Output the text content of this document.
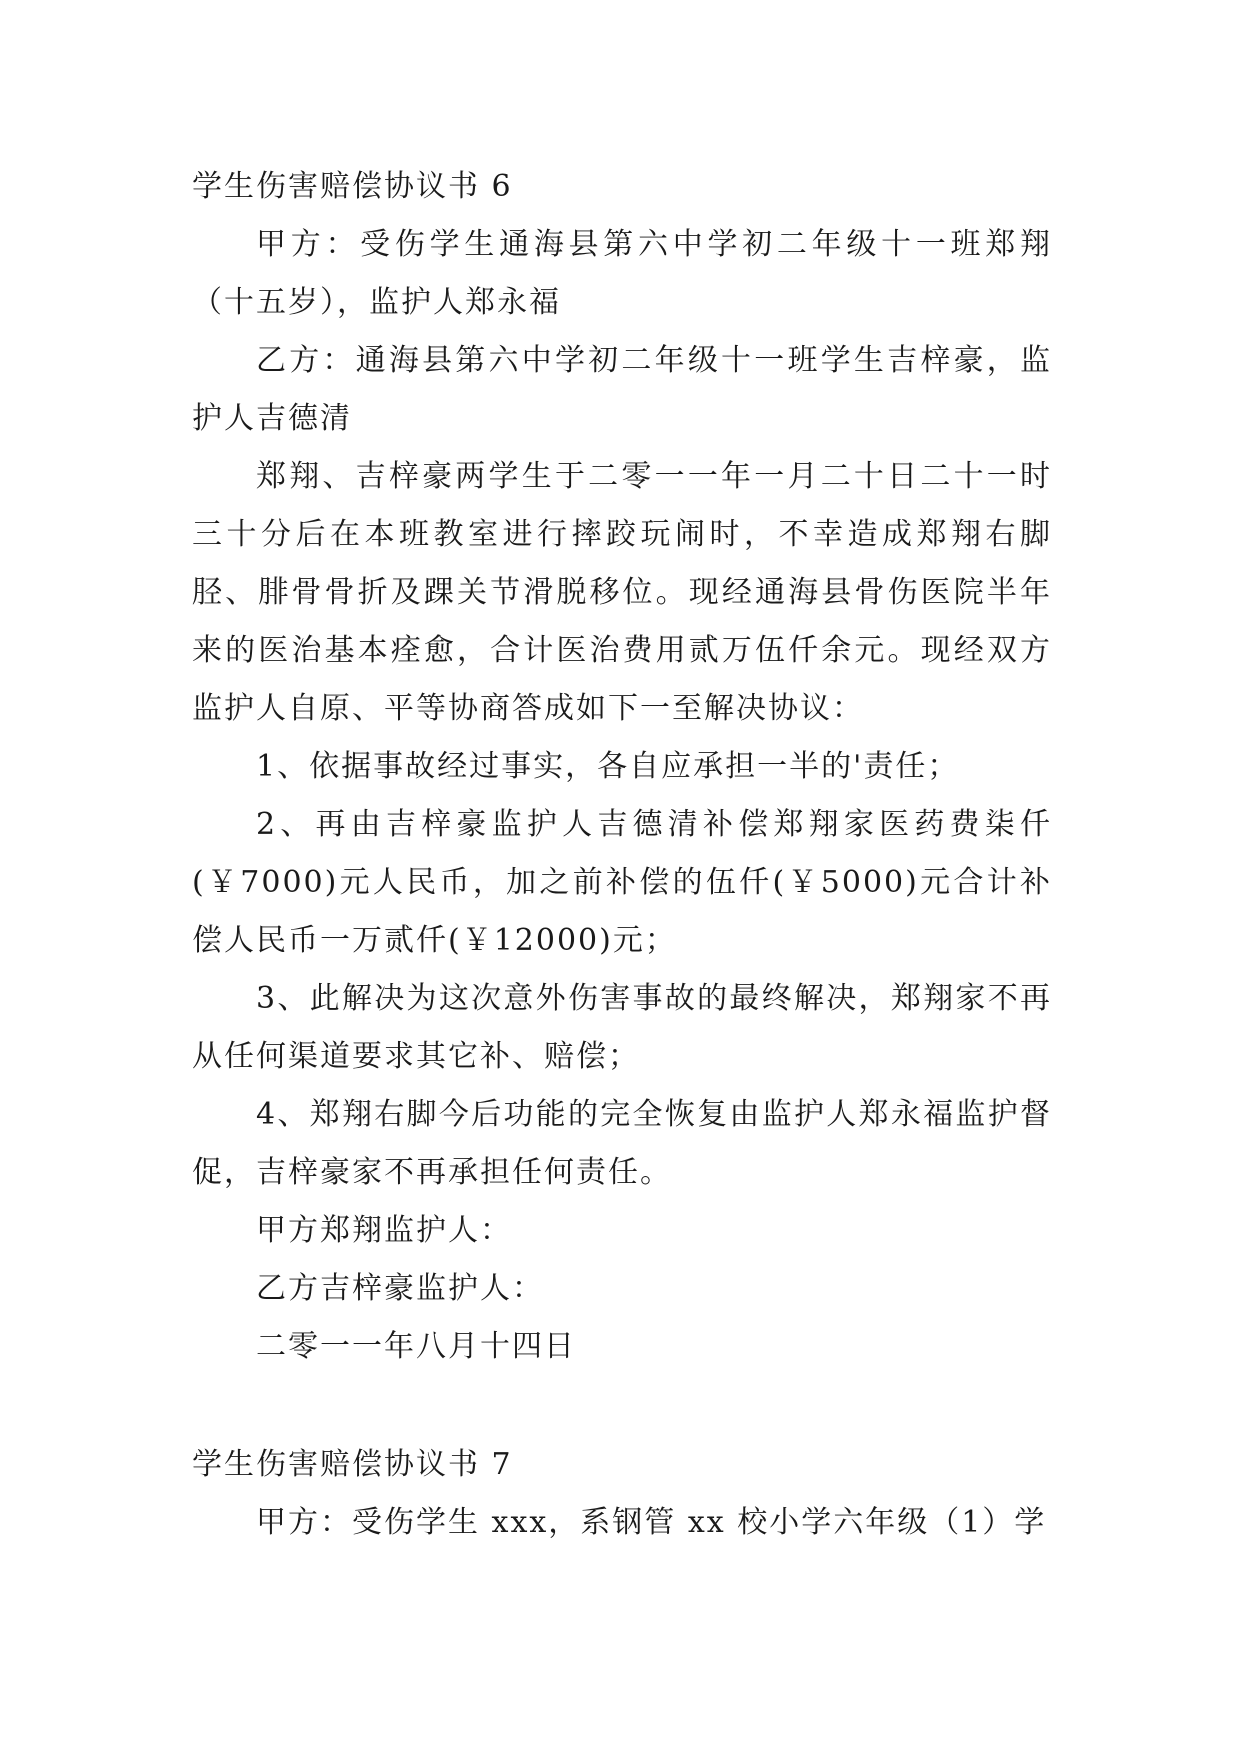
学生伤害赔偿协议书 6

甲方：受伤学生通海县第六中学初二年级十一班郑翔（十五岁），监护人郑永福

乙方：通海县第六中学初二年级十一班学生吉梓豪，监护人吉德清

郑翔、吉梓豪两学生于二零一一年一月二十日二十一时三十分后在本班教室进行摔跤玩闹时，不幸造成郑翔右脚胫、腓骨骨折及踝关节滑脱移位。现经通海县骨伤医院半年来的医治基本痊愈，合计医治费用贰万伍仟余元。现经双方监护人自原、平等协商答成如下一至解决协议：

1、依据事故经过事实，各自应承担一半的'责任；

2、再由吉梓豪监护人吉德清补偿郑翔家医药费柒仟(￥7000)元人民币，加之前补偿的伍仟(￥5000)元合计补偿人民币一万贰仟(￥12000)元；

3、此解决为这次意外伤害事故的最终解决，郑翔家不再从任何渠道要求其它补、赔偿；

4、郑翔右脚今后功能的完全恢复由监护人郑永福监护督促，吉梓豪家不再承担任何责任。

甲方郑翔监护人：

乙方吉梓豪监护人：

二零一一年八月十四日

学生伤害赔偿协议书 7

甲方：受伤学生 xxx，系钢管 xx 校小学六年级（1）学
